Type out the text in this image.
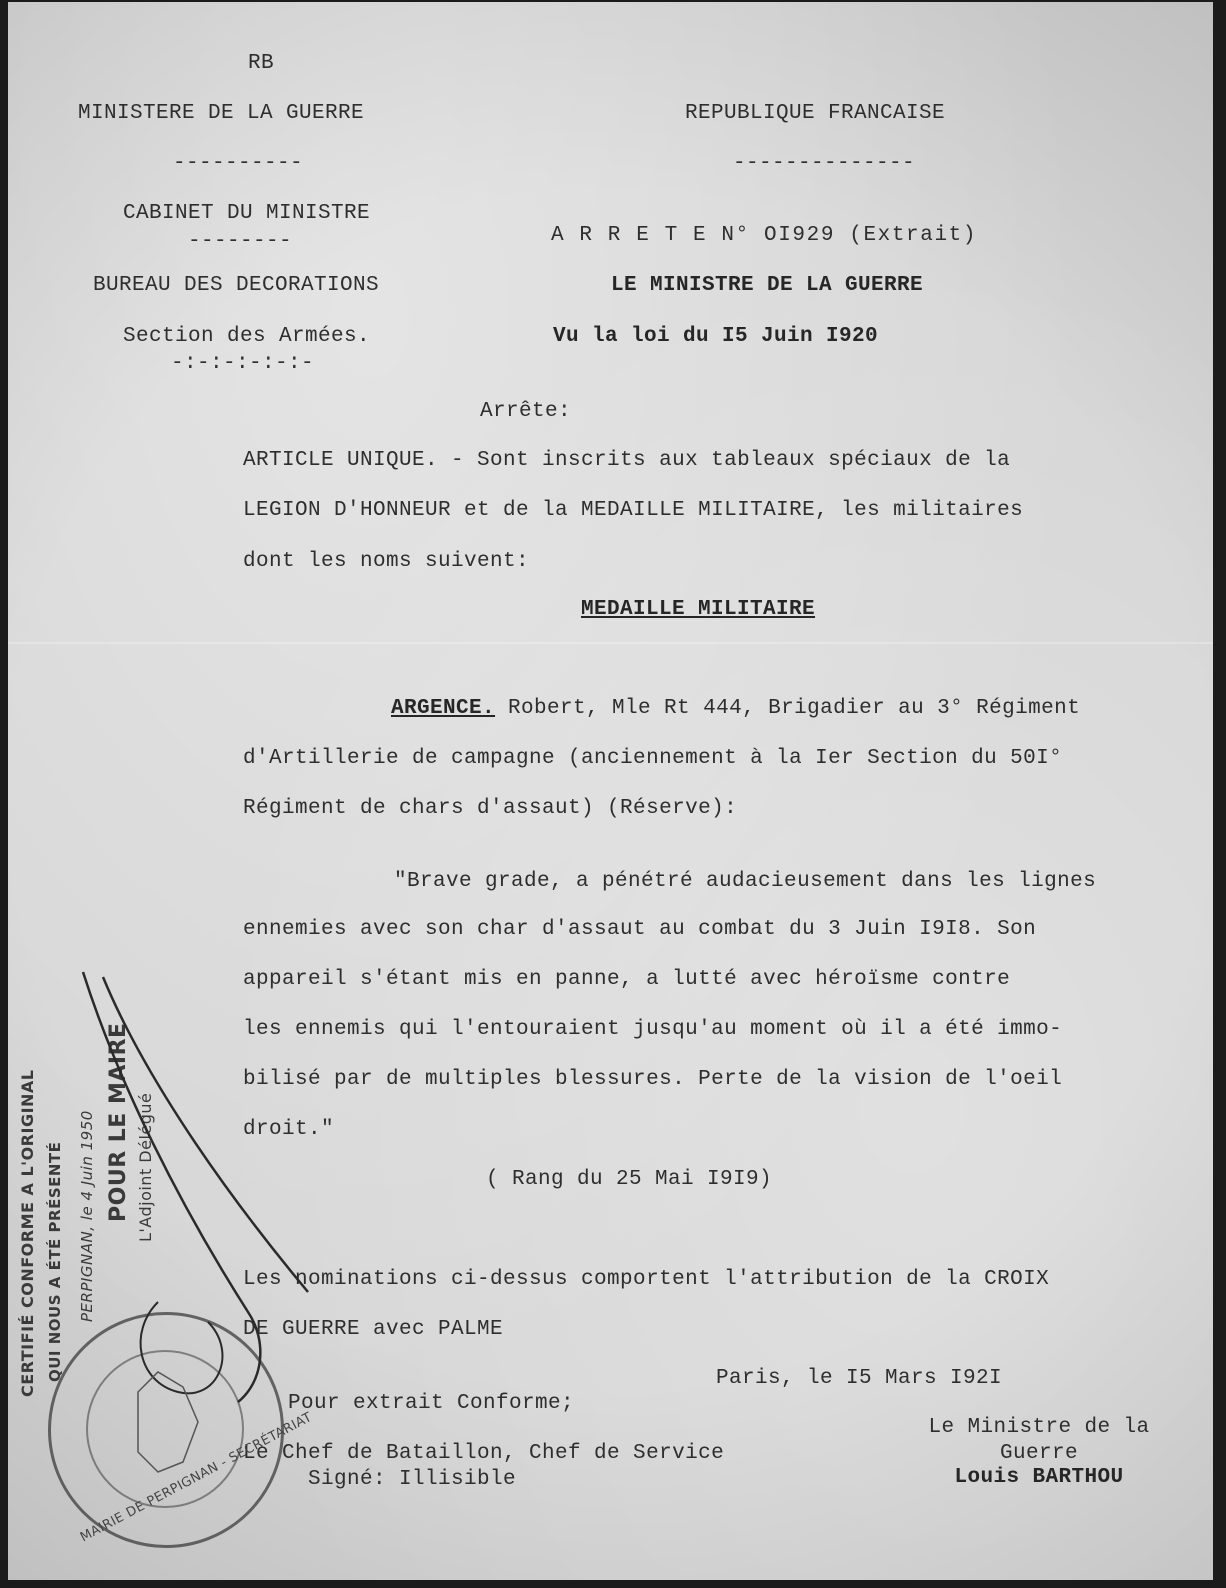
RB
MINISTERE DE LA GUERRE
----------
CABINET DU MINISTRE
--------
BUREAU DES DECORATIONS
Section des Armées.
-:-:-:-:-:-
REPUBLIQUE FRANCAISE
--------------
A R R E T E N° OI929 (Extrait)
LE MINISTRE DE LA GUERRE
Vu la loi du I5 Juin I920
Arrête:
ARTICLE UNIQUE. - Sont inscrits aux tableaux spéciaux de la
LEGION D'HONNEUR et de la MEDAILLE MILITAIRE, les militaires
dont les noms suivent:
MEDAILLE MILITAIRE
ARGENCE. Robert, Mle Rt 444, Brigadier au 3° Régiment
d'Artillerie de campagne (anciennement à la Ier Section du 50I°
Régiment de chars d'assaut) (Réserve):
"Brave grade, a pénétré audacieusement dans les lignes
ennemies avec son char d'assaut au combat du 3 Juin I9I8. Son
appareil s'étant mis en panne, a lutté avec héroïsme contre
les ennemis qui l'entouraient jusqu'au moment où il a été immo-
bilisé par de multiples blessures. Perte de la vision de l'oeil
droit."
( Rang du 25 Mai I9I9)
Les nominations ci-dessus comportent l'attribution de la CROIX
DE GUERRE avec PALME
Paris, le I5 Mars I92I
Pour extrait Conforme;
Le Chef de Bataillon, Chef de Service
Signé: Illisible
Le Ministre de la
Guerre
Louis BARTHOU
CERTIFIÉ CONFORME A L'ORIGINAL QUI NOUS A ÉTÉ PRÉSENTÉ PERPIGNAN, le 4 Juin 1950 POUR LE MAIRE L'Adjoint Délégué
MAIRIE DE PERPIGNAN - SECRÉTARIAT
